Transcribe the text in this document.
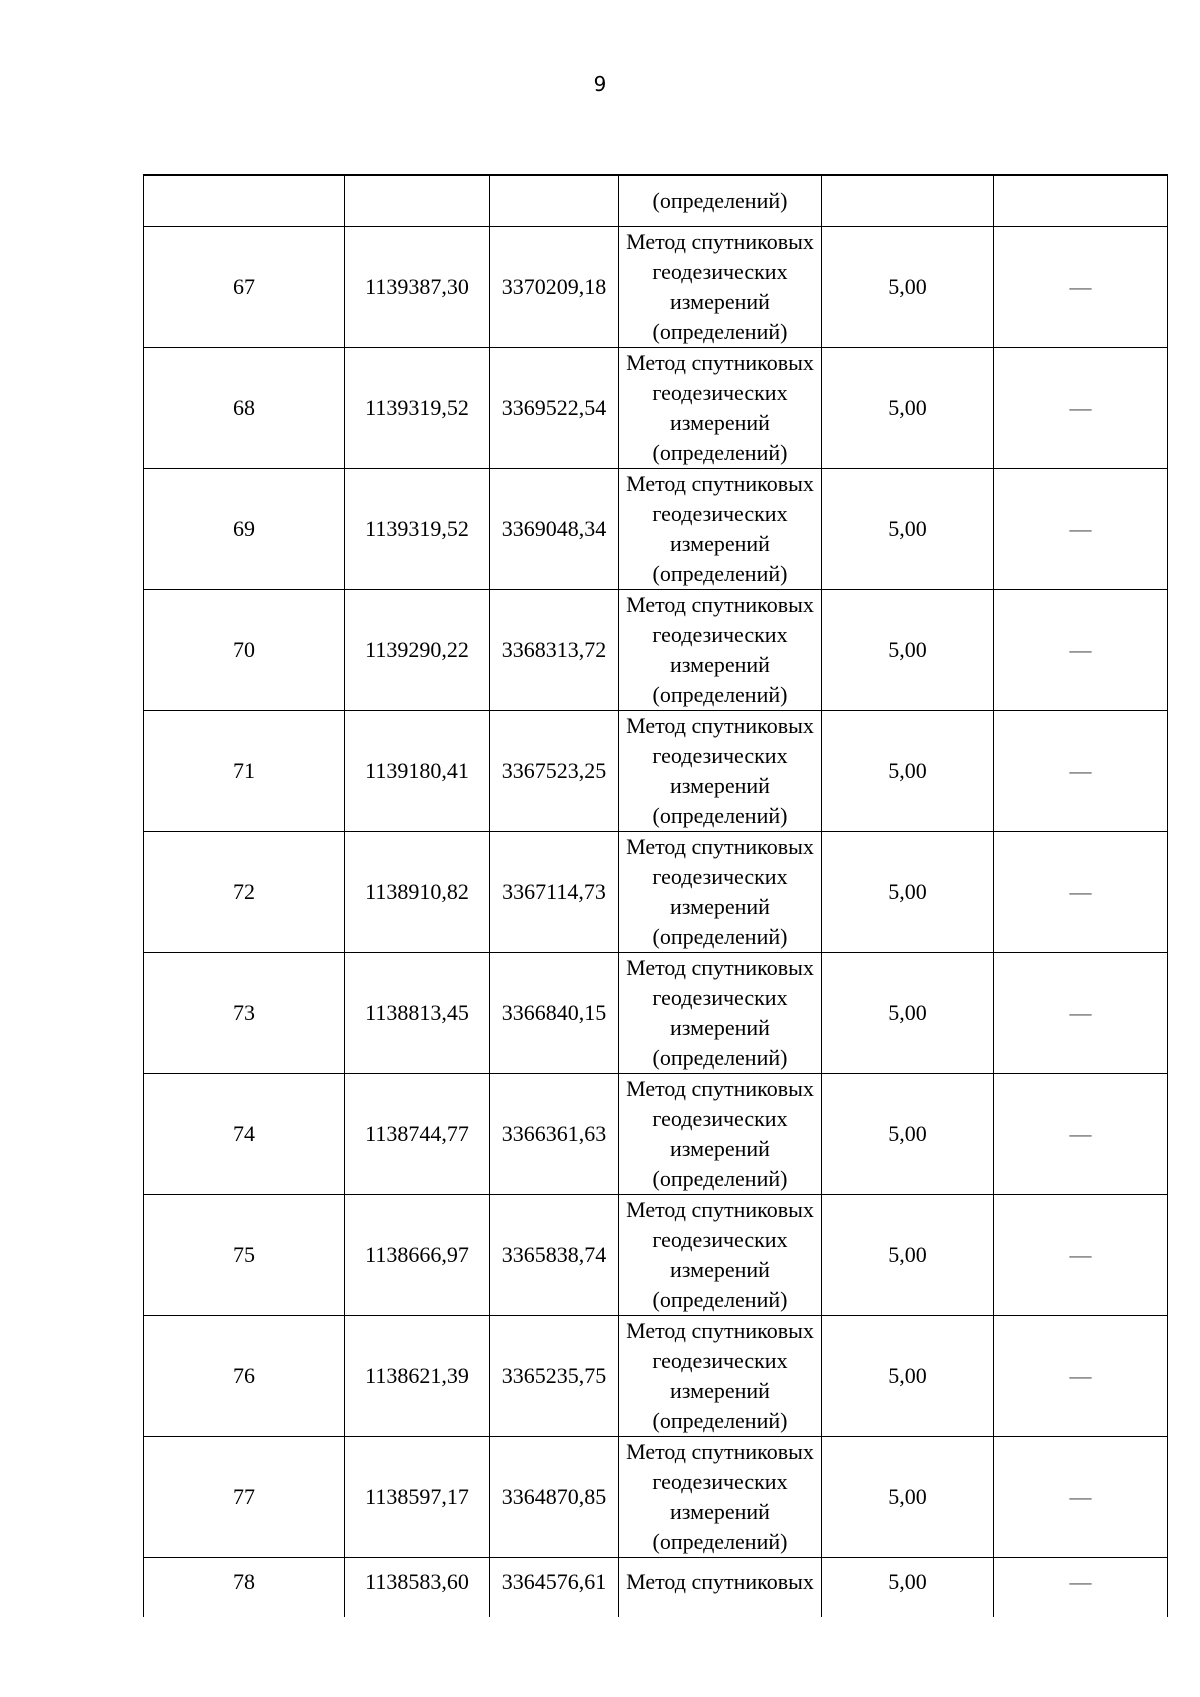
9
			(определений)		
67	1139387,30	3370209,18	Метод спутниковых
геодезических
измерений
(определений)	5,00	—
68	1139319,52	3369522,54	Метод спутниковых
геодезических
измерений
(определений)	5,00	—
69	1139319,52	3369048,34	Метод спутниковых
геодезических
измерений
(определений)	5,00	—
70	1139290,22	3368313,72	Метод спутниковых
геодезических
измерений
(определений)	5,00	—
71	1139180,41	3367523,25	Метод спутниковых
геодезических
измерений
(определений)	5,00	—
72	1138910,82	3367114,73	Метод спутниковых
геодезических
измерений
(определений)	5,00	—
73	1138813,45	3366840,15	Метод спутниковых
геодезических
измерений
(определений)	5,00	—
74	1138744,77	3366361,63	Метод спутниковых
геодезических
измерений
(определений)	5,00	—
75	1138666,97	3365838,74	Метод спутниковых
геодезических
измерений
(определений)	5,00	—
76	1138621,39	3365235,75	Метод спутниковых
геодезических
измерений
(определений)	5,00	—
77	1138597,17	3364870,85	Метод спутниковых
геодезических
измерений
(определений)	5,00	—
78	1138583,60	3364576,61	Метод спутниковых	5,00	—
